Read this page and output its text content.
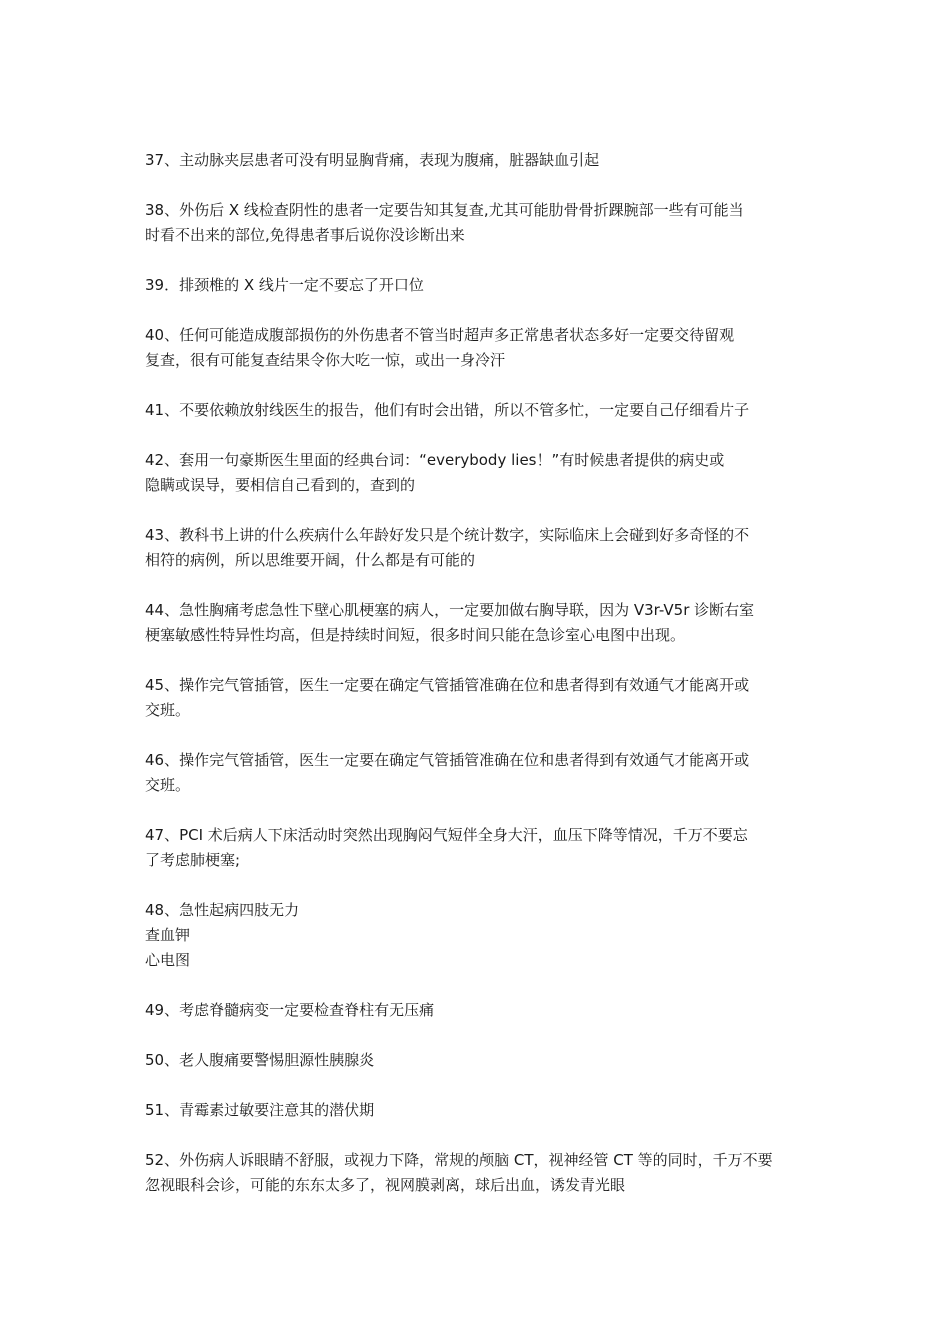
37、主动脉夹层患者可没有明显胸背痛，表现为腹痛，脏器缺血引起
38、外伤后 X 线检查阴性的患者一定要告知其复查,尤其可能肋骨骨折踝腕部一些有可能当
时看不出来的部位,免得患者事后说你没诊断出来
39．排颈椎的 X 线片一定不要忘了开口位
40、任何可能造成腹部损伤的外伤患者不管当时超声多正常患者状态多好一定要交待留观
复查，很有可能复查结果令你大吃一惊，或出一身冷汗
41、不要依赖放射线医生的报告，他们有时会出错，所以不管多忙，一定要自己仔细看片子
42、套用一句豪斯医生里面的经典台词：“everybody lies！”有时候患者提供的病史或
隐瞒或误导，要相信自己看到的，查到的
43、教科书上讲的什么疾病什么年龄好发只是个统计数字，实际临床上会碰到好多奇怪的不
相符的病例，所以思维要开阔，什么都是有可能的
44、急性胸痛考虑急性下壁心肌梗塞的病人，一定要加做右胸导联，因为 V3r-V5r 诊断右室
梗塞敏感性特异性均高，但是持续时间短，很多时间只能在急诊室心电图中出现。
45、操作完气管插管，医生一定要在确定气管插管准确在位和患者得到有效通气才能离开或
交班。
46、操作完气管插管，医生一定要在确定气管插管准确在位和患者得到有效通气才能离开或
交班。
47、PCI 术后病人下床活动时突然出现胸闷气短伴全身大汗，血压下降等情况，千万不要忘
了考虑肺梗塞;
48、急性起病四肢无力
查血钾
心电图
49、考虑脊髓病变一定要检查脊柱有无压痛
50、老人腹痛要警惕胆源性胰腺炎
51、青霉素过敏要注意其的潜伏期
52、外伤病人诉眼睛不舒服，或视力下降，常规的颅脑 CT，视神经管 CT 等的同时，千万不要
忽视眼科会诊，可能的东东太多了，视网膜剥离，球后出血，诱发青光眼
